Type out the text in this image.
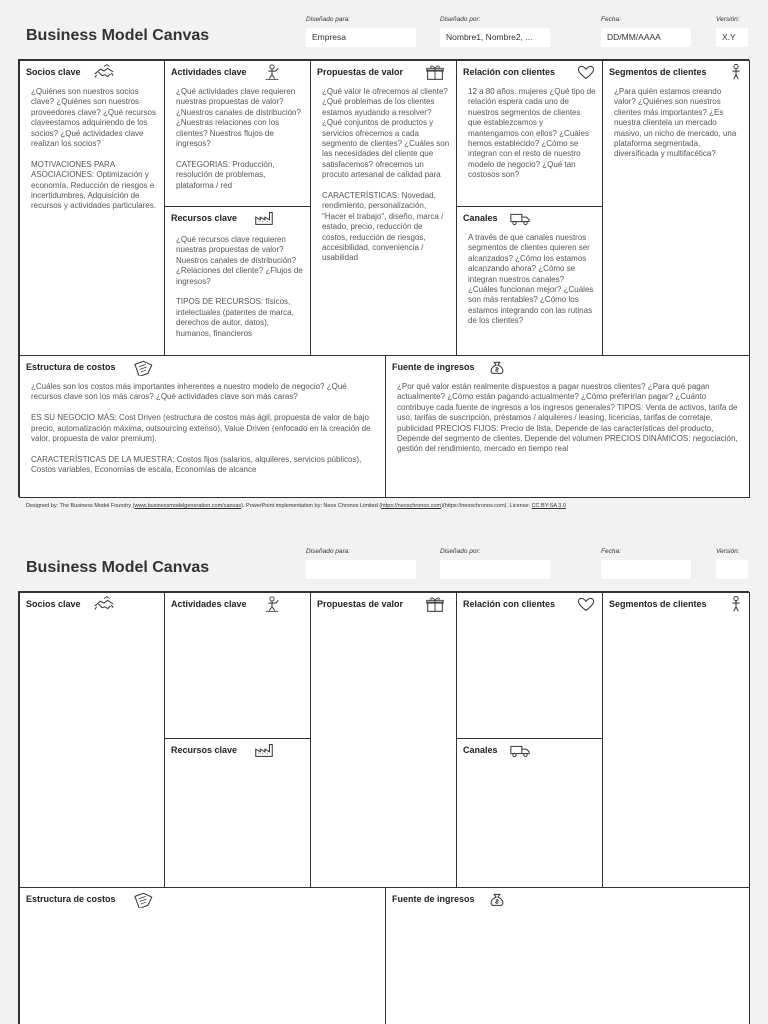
Business Model Canvas
Diseñado para:
Empresa
Diseñado por:
Nombre1, Nombre2, ...
Fecha:
DD/MM/AAAA
Versión:
X.Y
Socios clave

¿Quiénes son nuestros socios clave? ¿Quiénes son nuestros proveedores clave? ¿Qué recursos claveestamos adquiriendo de los socios? ¿Qué actividades clave realizan los socios?

MOTIVACIONES PARA ASOCIACIONES: Optimización y economía, Reducción de riesgos e incertidumbres, Adquisición de recursos y actividades particulares.

Actividades clave

¿Qué actividades clave requieren nuestras propuestas de valor? ¿Nuestros canales de distribución? ¿Nuestras relaciones con los clientes? Nuestros flujos de ingresos?

CATEGORIAS: Producción, resolución de problemas, plataforma / red

Recursos clave

¿Qué recursos clave requieren nuestras propuestas de valor? Nuestros canales de distribución? ¿Relaciones del cliente? ¿Flujos de ingresos?

TIPOS DE RECURSOS: físicos, intelectuales (patentes de marca, derechos de autor, datos), humanos, financieros

Propuestas de valor

¿Qué valor le ofrecemos al cliente? ¿Qué problemas de los clientes estamos ayudando a resolver? ¿Qué conjuntos de productos y servicios ofrecemos a cada segmento de clientes? ¿Cuáles son las necesidades del cliente que satisfacemos? ofrecemos un procuto artesanal de calidad para

CARACTERÍSTICAS: Novedad, rendimiento, personalización, "Hacer el trabajo", diseño, marca / estado, precio, reducción de costos, reducción de riesgos, accesibilidad, conveniencia / usabilidad

Relación con clientes

12 a 80 años. mujeres ¿Qué tipo de relación espera cada uno de nuestros segmentos de clientes que establezcamos y mantengamos con ellos? ¿Cuáles hemos establecido? ¿Cómo se integran con el resto de nuestro modelo de negocio? ¿Qué tan costosos son?

Canales

A través de que canales nuestros segmentos de clientes quieren ser alcanzados? ¿Cómo los estamos alcanzando ahora? ¿Cómo se integran nuestros canales? ¿Cuáles funcionan mejor? ¿Cuáles son más rentables? ¿Cómo los estamos integrando con las rutinas de los clientes?

Segmentos de clientes

¿Para quién estamos creando valor? ¿Quiénes son nuestros clientes más importantes? ¿Es nuestra clientela un mercado masivo, un nicho de mercado, una plataforma segmentada, diversificada y multifacética?

Estructura de costos

¿Cuáles son los costos más importantes inherentes a nuestro modelo de negocio? ¿Qué recursos clave son los más caros? ¿Qué actividades clave son más caras?

ES SU NEGOCIO MÁS: Cost Driven (estructura de costos más ágil, propuesta de valor de bajo precio, automatización máxima, outsourcing extenso), Value Driven (enfocado en la creación de valor, propuesta de valor premium).

CARACTERÍSTICAS DE LA MUESTRA: Costos fijos (salarios, alquileres, servicios públicos), Costos variables, Economías de escala, Economías de alcance

Fuente de ingresos

¿Por qué valor están realmente dispuestos a pagar nuestros clientes? ¿Para qué pagan actualmente? ¿Cómo están pagando actualmente? ¿Cómo preferirían pagar? ¿Cuánto contribuye cada fuente de ingresos a los ingresos generales? TIPOS: Venta de activos, tarifa de uso, tarifas de suscripción, préstamos / alquileres / leasing, licencias, tarifas de corretaje, publicidad PRECIOS FIJOS: Precio de lista, Depende de las características del producto, Depende del segmento de clientes, Depende del volumen PRECIOS DINÁMICOS: negociación, gestión del rendimiento, mercado en tiempo real

Designed by: The Business Model Foundry (www.businessmodelgeneration.com/canvas). PowerPoint implementation by: Neos Chronos Limited (https://neoschronos.com)(https://neoschronos.com). License: CC BY-SA 3.0
Business Model Canvas
Diseñado para:	Diseñado por:	Fecha:	Versión:
Socios clave	Actividades clave
Recursos clave
Propuestas de valor	Relación con clientes
Canales
Segmentos de clientes
Estructura de costos	Fuente de ingresos
